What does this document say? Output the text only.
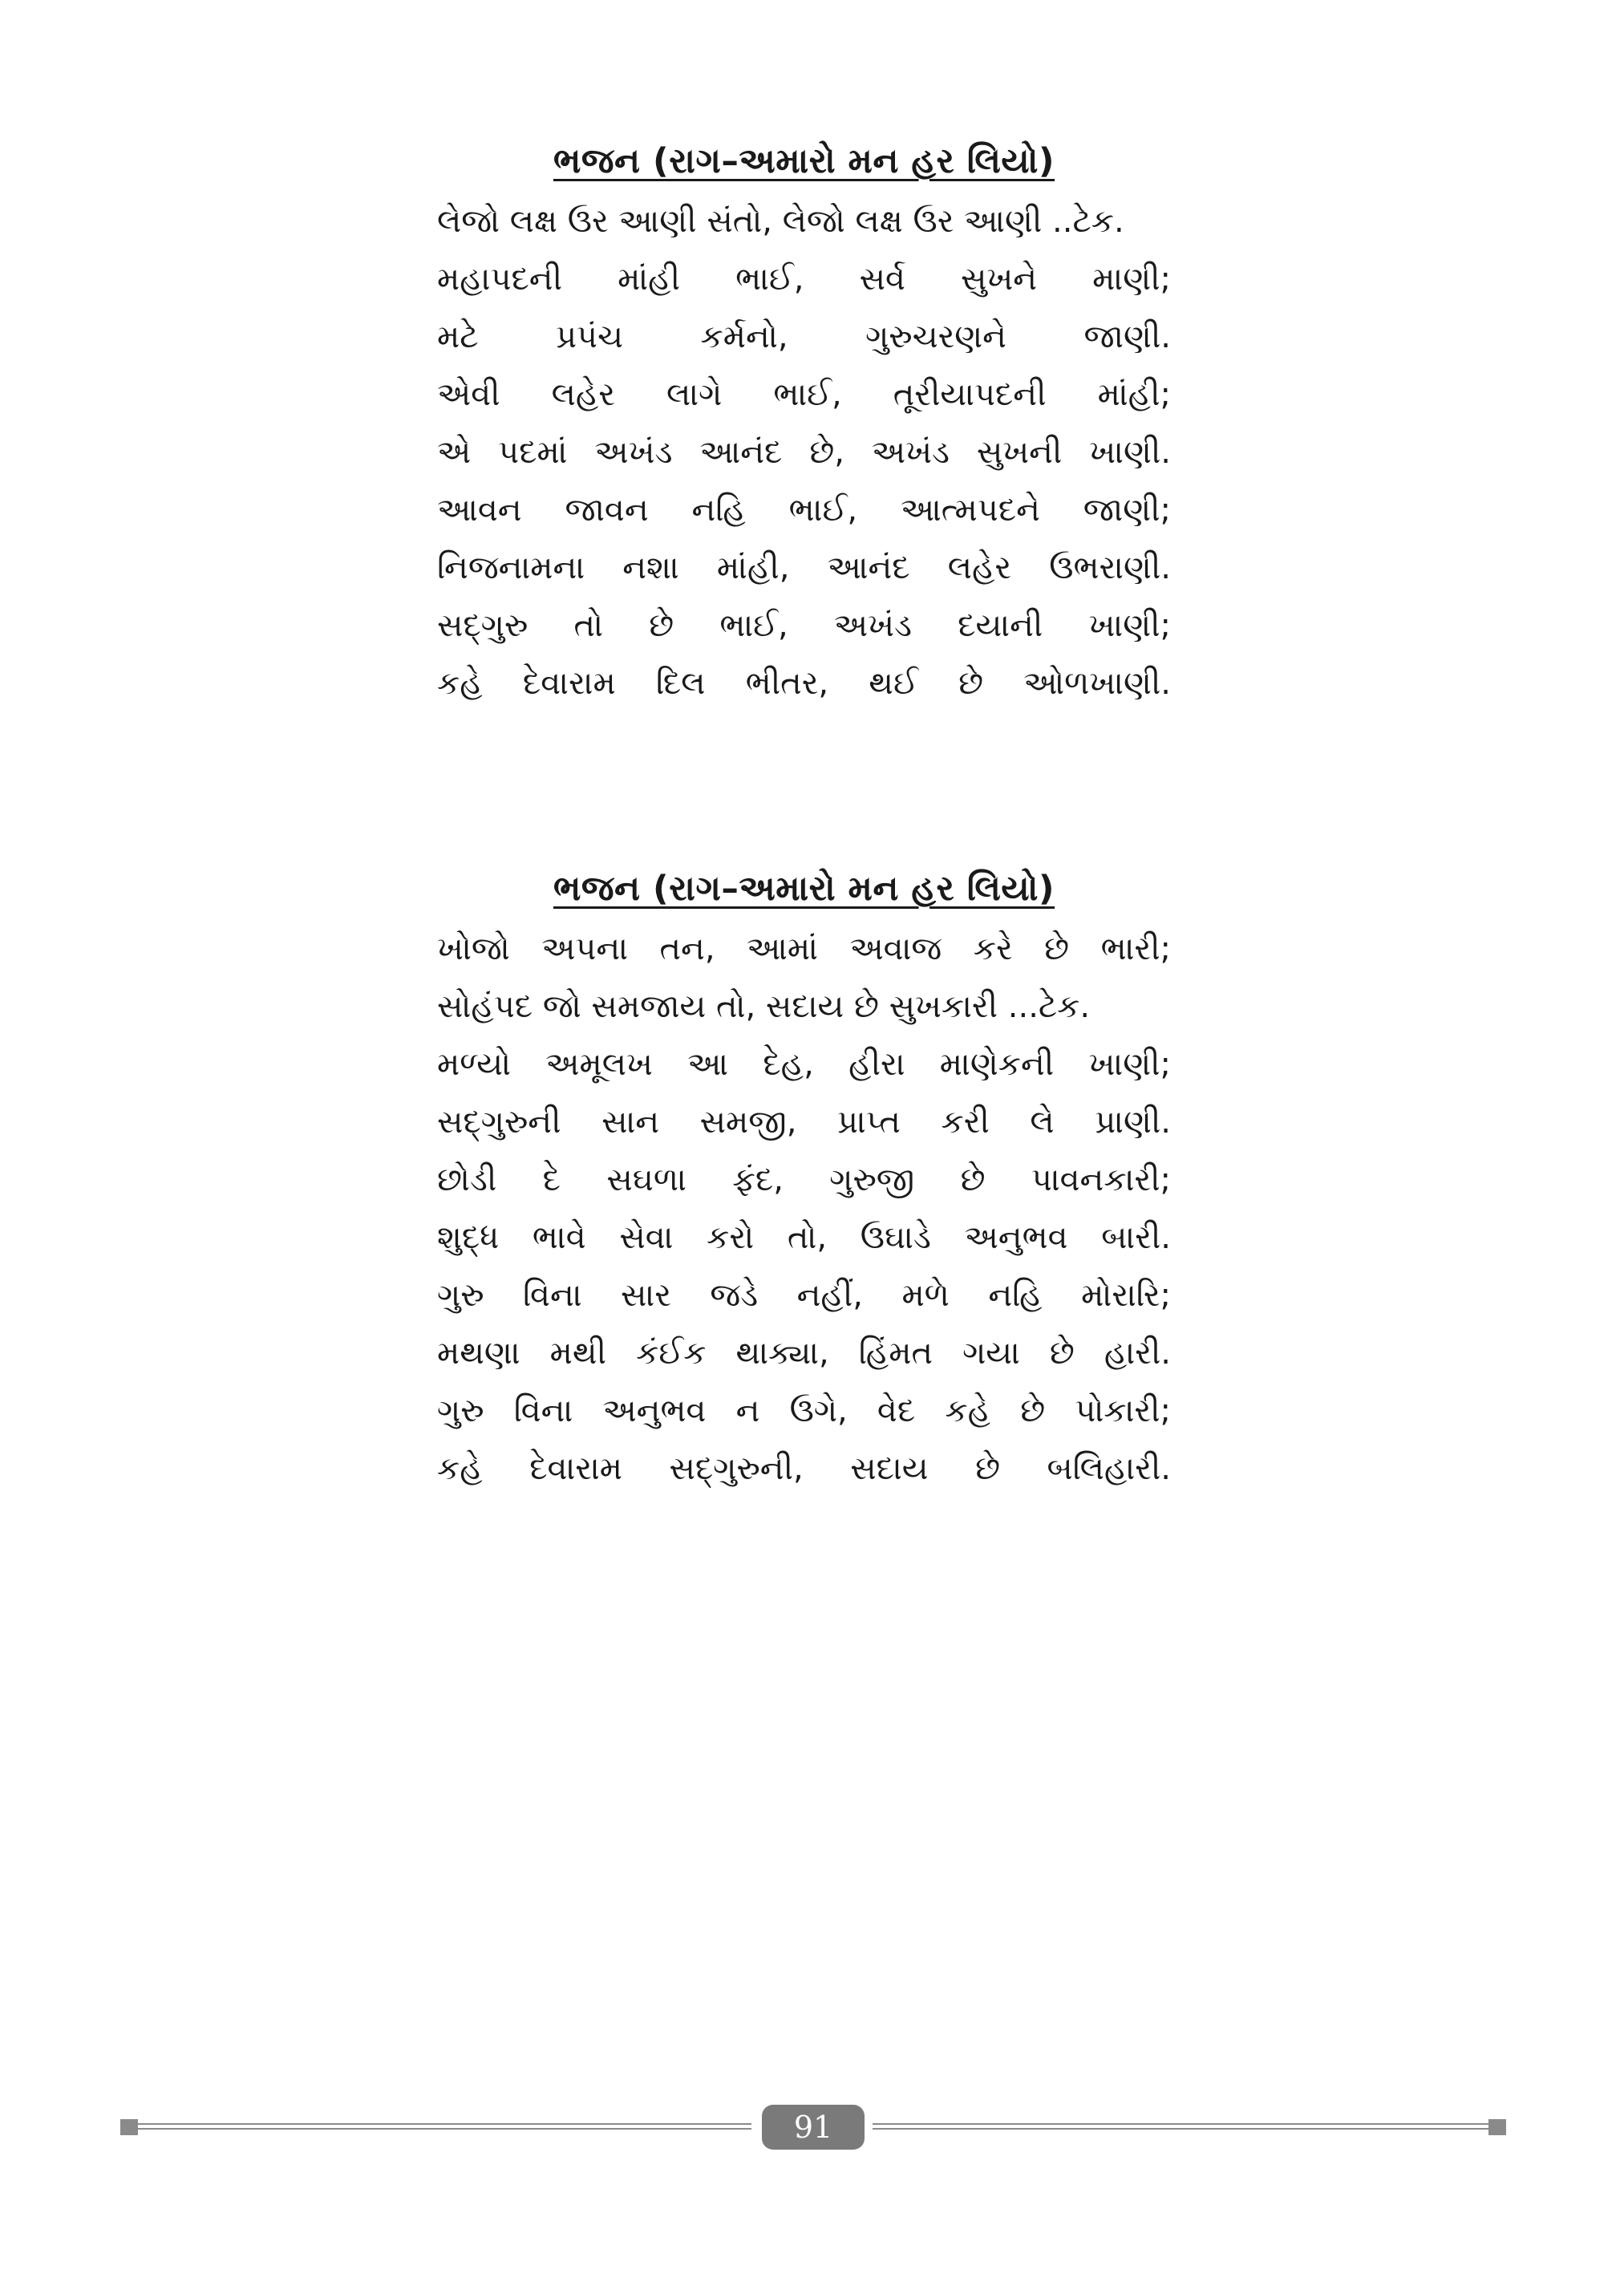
ભજન (રાગ–અમારો મન હર લિયો)
લેજો લક્ષ ઉર આણી સંતો, લેજો લક્ષ ઉર આણી ..ટેક.
મહાપદની માંહી ભાઈ, સર્વ સુખને માણી;
મટે પ્રપંચ કર્મનો, ગુરુચરણને જાણી.
એવી લહેર લાગે ભાઈ, તૂરીયાપદની માંહી;
એ પદમાં અખંડ આનંદ છે, અખંડ સુખની ખાણી.
આવન જાવન નહિ ભાઈ, આત્મપદને જાણી;
નિજનામના નશા માંહી, આનંદ લહેર ઉભરાણી.
સદ્‌ગુરુ તો છે ભાઈ, અખંડ દયાની ખાણી;
કહે દેવારામ દિલ ભીતર, થઈ છે ઓળખાણી.
ભજન (રાગ–અમારો મન હર લિયો)
ખોજો અપના તન, આમાં અવાજ કરે છે ભારી;
સોહંપદ જો સમજાય તો, સદાય છે સુખકારી ...ટેક.
મળ્યો અમૂલખ આ દેહ, હીરા માણેકની ખાણી;
સદ્‌ગુરુની સાન સમજી, પ્રાપ્ત કરી લે પ્રાણી.
છોડી દે સઘળા ફંદ, ગુરુજી છે પાવનકારી;
શુદ્ધ ભાવે સેવા કરો તો, ઉઘાડે અનુભવ બારી.
ગુરુ વિના સાર જડે નહીં, મળે નહિ મોરારિ;
મથણા મથી કંઈક થાક્યા, હિંમત ગયા છે હારી.
ગુરુ વિના અનુભવ ન ઉગે, વેદ કહે છે પોકારી;
કહે દેવારામ સદ્‌ગુરુની, સદાય છે બલિહારી.
91
